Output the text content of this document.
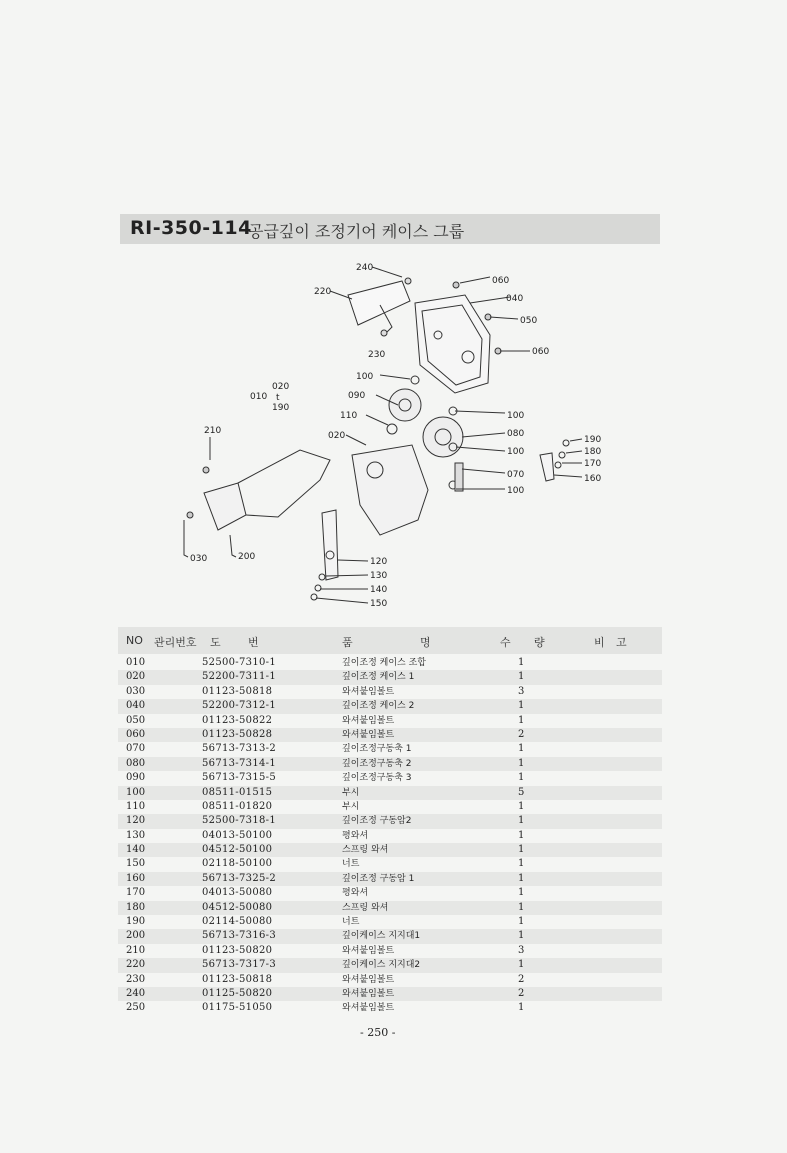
RI-350-114
공급깊이 조정기어 케이스 그룹
240
220
060
040
050
060
230
100
100
090
080
110
100
020
070
100
010
020
t
190
210
030	200	120
130
140
150
190
180
170
160
NO 관리번호 도 번	품	명	수 량	비 고
010	52500-7310-1	깊이조정 케이스 조합	1
020	52200-7311-1	깊이조정 케이스 1	1
030	01123-50818	와셔붙임볼트	3
040	52200-7312-1	깊이조정 케이스 2	1
050	01123-50822	와셔붙임볼트	1
060	01123-50828	와셔붙임볼트	2
070	56713-7313-2	깊이조정구동축 1	1
080	56713-7314-1	깊이조정구동축 2	1
090	56713-7315-5	깊이조정구동축 3	1
100	08511-01515	부시	5
110	08511-01820	부시	1
120	52500-7318-1	깊이조정 구동암2	1
130	04013-50100	평와셔	1
140	04512-50100	스프링 와셔	1
150	02118-50100	너트	1
160	56713-7325-2	깊이조정 구동암 1	1
170	04013-50080	평와셔	1
180	04512-50080	스프링 와셔	1
190	02114-50080	너트	1
200	56713-7316-3	깊이케이스 지지대1	1
210	01123-50820	와셔붙임볼트	3
220	56713-7317-3	깊이케이스 지지대2	1
230	01123-50818	와셔붙임볼트	2
240	01125-50820	와셔붙임볼트	2
250	01175-51050	와셔붙임볼트	1
- 250 -
